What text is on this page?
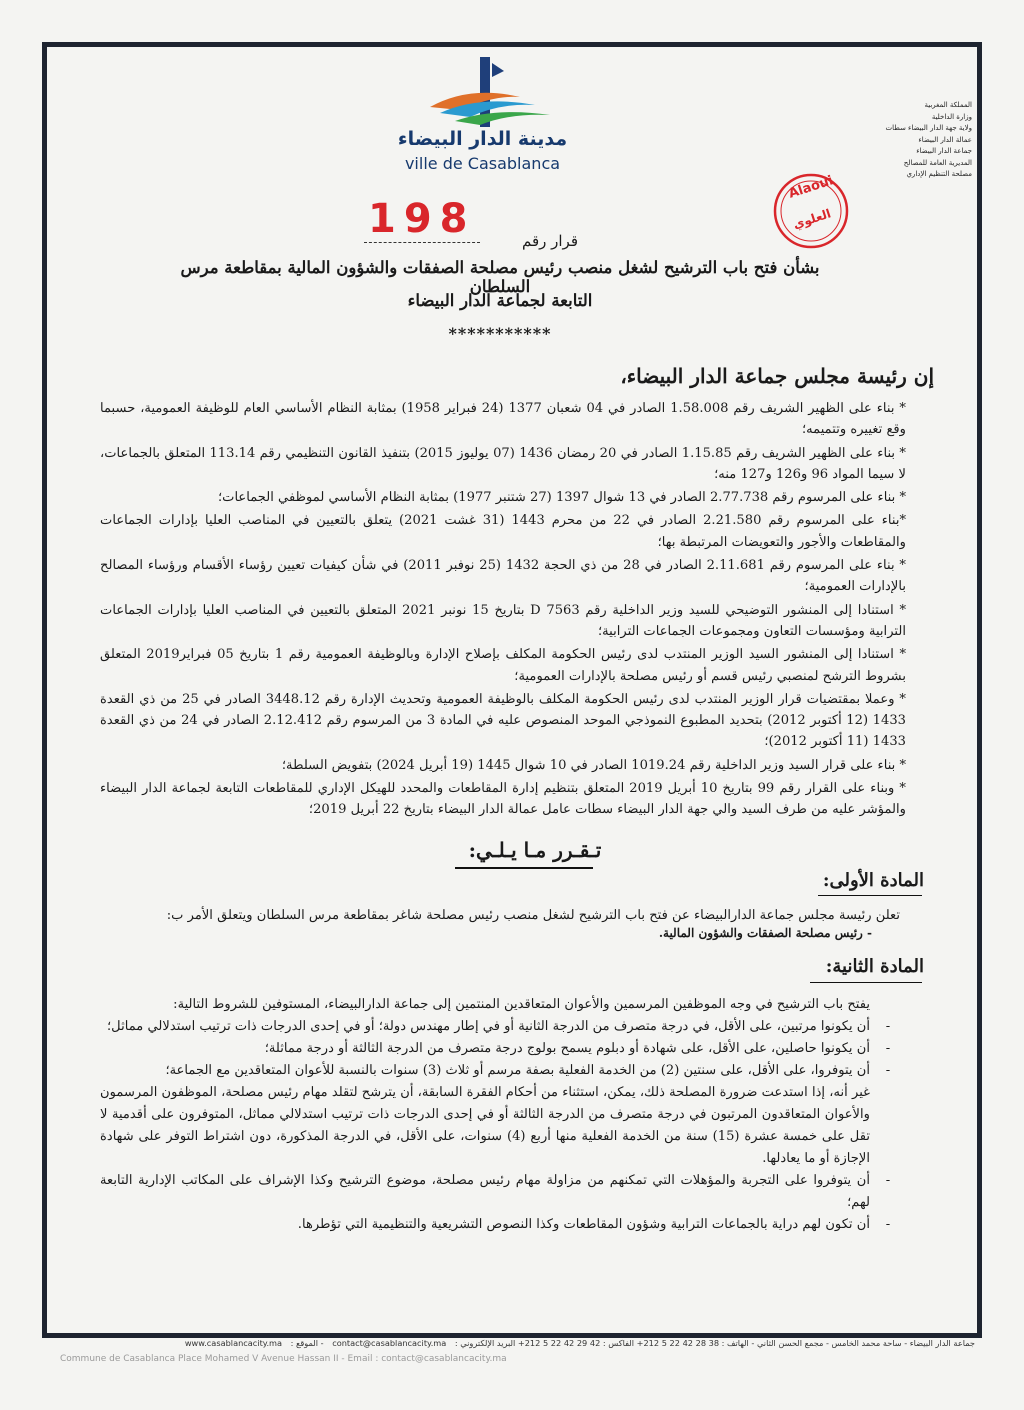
مدينة الدار البيضاء
ville de Casablanca
المملكة المغربية
وزارة الداخلية
ولاية جهة الدار البيضاء سطات
عمالة الدار البيضاء
جماعة الدار البيضاء
المديرية العامة للمصالح
مصلحة التنظيم الإداري
Alaoui
العلوي
198	قرار رقم
بشأن فتح باب الترشيح لشغل منصب رئيس مصلحة الصفقات والشؤون المالية بمقاطعة مرس السلطان
التابعة لجماعة الدار البيضاء
***********
إن رئيسة مجلس جماعة الدار البيضاء،

* بناء على الظهير الشريف رقم 1.58.008 الصادر في 04 شعبان 1377 (24 فبراير 1958) بمثابة النظام الأساسي العام للوظيفة العمومية، حسبما وقع تغييره وتتميمه؛

* بناء على الظهير الشريف رقم 1.15.85 الصادر في 20 رمضان 1436 (07 يوليوز 2015) بتنفيذ القانون التنظيمي رقم 113.14 المتعلق بالجماعات، لا سيما المواد 96 و126 و127 منه؛

* بناء على المرسوم رقم 2.77.738 الصادر في 13 شوال 1397 (27 شتنبر 1977) بمثابة النظام الأساسي لموظفي الجماعات؛

*بناء على المرسوم رقم 2.21.580 الصادر في 22 من محرم 1443 (31 غشت 2021) يتعلق بالتعيين في المناصب العليا بإدارات الجماعات والمقاطعات والأجور والتعويضات المرتبطة بها؛

* بناء على المرسوم رقم 2.11.681 الصادر في 28 من ذي الحجة 1432 (25 نوفبر 2011) في شأن كيفيات تعيين رؤساء الأقسام ورؤساء المصالح بالإدارات العمومية؛

* استنادا إلى المنشور التوضيحي للسيد وزير الداخلية رقم D 7563 بتاريخ 15 نونبر 2021 المتعلق بالتعيين في المناصب العليا بإدارات الجماعات الترابية ومؤسسات التعاون ومجموعات الجماعات الترابية؛

* استنادا إلى المنشور السيد الوزير المنتدب لدى رئيس الحكومة المكلف بإصلاح الإدارة وبالوظيفة العمومية رقم 1 بتاريخ 05 فبراير2019 المتعلق بشروط الترشح لمنصبي رئيس قسم أو رئيس مصلحة بالإدارات العمومية؛

* وعملا بمقتضيات قرار الوزير المنتدب لدى رئيس الحكومة المكلف بالوظيفة العمومية وتحديث الإدارة رقم 3448.12 الصادر في 25 من ذي القعدة 1433 (12 أكتوبر 2012) بتحديد المطبوع النموذجي الموحد المنصوص عليه في المادة 3 من المرسوم رقم 2.12.412 الصادر في 24 من ذي القعدة 1433 (11 أكتوبر 2012)؛

* بناء على قرار السيد وزير الداخلية رقم 1019.24 الصادر في 10 شوال 1445 (19 أبريل 2024) بتفويض السلطة؛

* وبناء على القرار رقم 99 بتاريخ 10 أبريل 2019 المتعلق بتنظيم إدارة المقاطعات والمحدد للهيكل الإداري للمقاطعات التابعة لجماعة الدار البيضاء والمؤشر عليه من طرف السيد والي جهة الدار البيضاء سطات عامل عمالة الدار البيضاء بتاريخ 22 أبريل 2019؛

تـقـرر مـا يـلـي:
المادة الأولى:
تعلن رئيسة مجلس جماعة الدارالبيضاء عن فتح باب الترشيح لشغل منصب رئيس مصلحة شاغر بمقاطعة مرس السلطان ويتعلق الأمر ب:
- رئيس مصلحة الصفقات والشؤون المالية.
المادة الثانية:
يفتح باب الترشيح في وجه الموظفين المرسمين والأعوان المتعاقدين المنتمين إلى جماعة الدارالبيضاء، المستوفين للشروط التالية:
-
أن يكونوا مرتبين، على الأقل، في درجة متصرف من الدرجة الثانية أو في إطار مهندس دولة؛ أو في إحدى الدرجات ذات ترتيب استدلالي مماثل؛
-
أن يكونوا حاصلين، على الأقل، على شهادة أو دبلوم يسمح بولوج درجة متصرف من الدرجة الثالثة أو درجة مماثلة؛
-
أن يتوفروا، على الأقل، على سنتين (2) من الخدمة الفعلية بصفة مرسم أو ثلاث (3) سنوات بالنسبة للأعوان المتعاقدين مع الجماعة؛
غير أنه، إذا استدعت ضرورة المصلحة ذلك، يمكن، استثناء من أحكام الفقرة السابقة، أن يترشح لتقلد مهام رئيس مصلحة، الموظفون المرسمون والأعوان المتعاقدون المرتبون في درجة متصرف من الدرجة الثالثة أو في إحدى الدرجات ذات ترتيب استدلالي مماثل، المتوفرون على أقدمية لا تقل على خمسة عشرة (15) سنة من الخدمة الفعلية منها أربع (4) سنوات، على الأقل، في الدرجة المذكورة، دون اشتراط التوفر على شهادة الإجازة أو ما يعادلها.
-
أن يتوفروا على التجربة والمؤهلات التي تمكنهم من مزاولة مهام رئيس مصلحة، موضوع الترشيح وكذا الإشراف على المكاتب الإدارية التابعة لهم؛
-
أن تكون لهم دراية بالجماعات الترابية وشؤون المقاطعات وكذا النصوص التشريعية والتنظيمية التي تؤطرها.
جماعة الدار البيضاء - ساحة محمد الخامس - مجمع الحسن الثاني - الهاتف : 38 28 42 22 5 212+ الفاكس : 42 29 42 22 5 212+ البريد الإلكتروني : contact@casablancacity.ma - الموقع : www.casablancacity.ma
Commune de Casablanca Place Mohamed V Avenue Hassan II - Email : contact@casablancacity.ma
